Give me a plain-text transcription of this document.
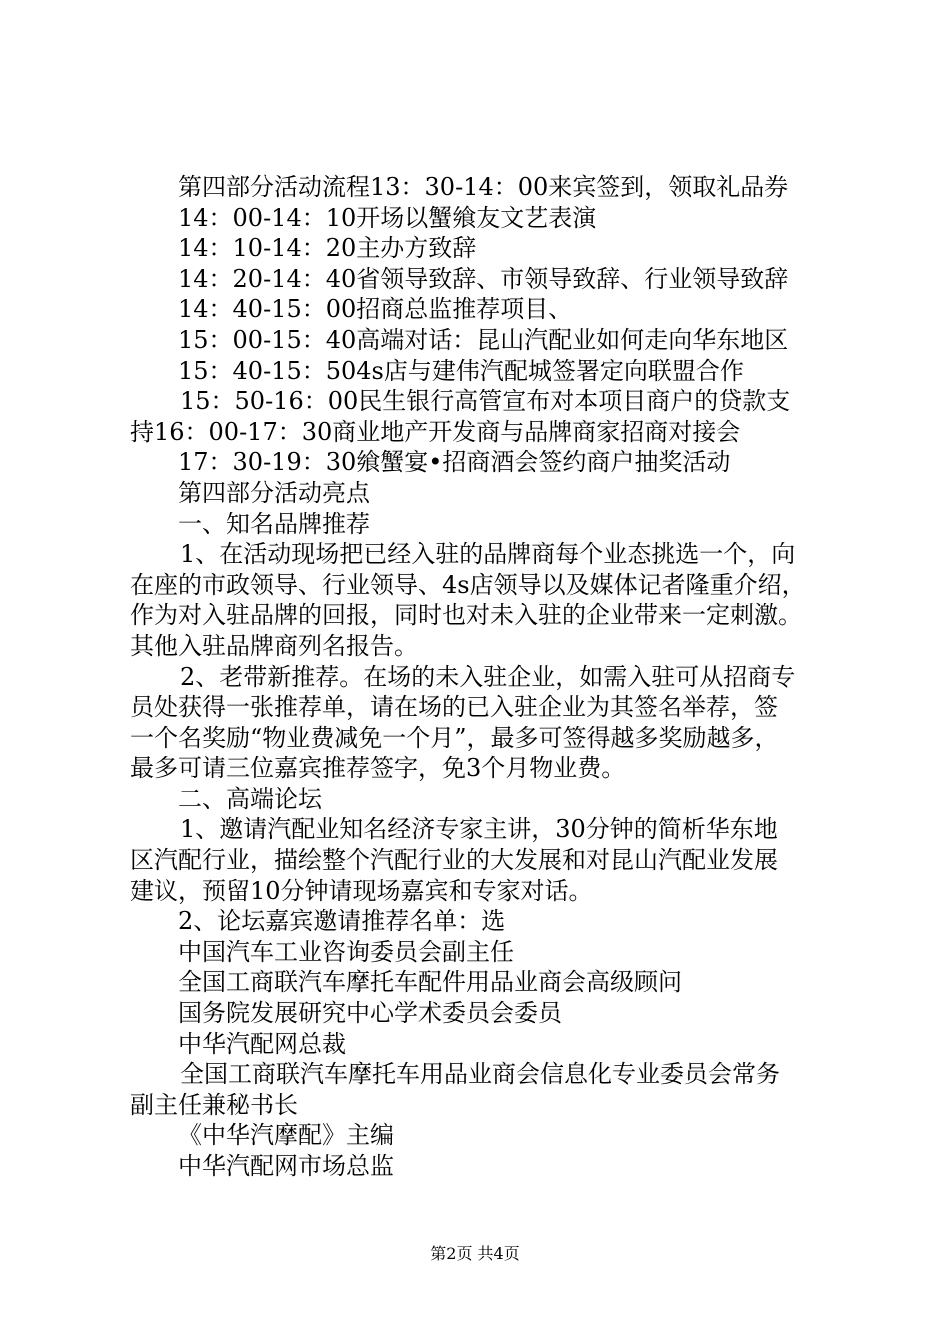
第四部分活动流程13：30-14：00来宾签到，领取礼品券
14：00-14：10开场以蟹飨友文艺表演
14：10-14：20主办方致辞
14：20-14：40省领导致辞、市领导致辞、行业领导致辞
14：40-15：00招商总监推荐项目、
15：00-15：40高端对话：昆山汽配业如何走向华东地区
15：40-15：504s店与建伟汽配城签署定向联盟合作
15：50-16：00民生银行高管宣布对本项目商户的贷款支
持16：00-17：30商业地产开发商与品牌商家招商对接会
17：30-19：30飨蟹宴•招商酒会签约商户抽奖活动
第四部分活动亮点
一、知名品牌推荐
1、在活动现场把已经入驻的品牌商每个业态挑选一个，向
在座的市政领导、行业领导、4s店领导以及媒体记者隆重介绍，
作为对入驻品牌的回报，同时也对未入驻的企业带来一定刺激。
其他入驻品牌商列名报告。
2、老带新推荐。在场的未入驻企业，如需入驻可从招商专
员处获得一张推荐单，请在场的已入驻企业为其签名举荐，签
一个名奖励“物业费减免一个月”，最多可签得越多奖励越多，
最多可请三位嘉宾推荐签字，免3个月物业费。
二、高端论坛
1、邀请汽配业知名经济专家主讲，30分钟的简析华东地
区汽配行业，描绘整个汽配行业的大发展和对昆山汽配业发展
建议，预留10分钟请现场嘉宾和专家对话。
2、论坛嘉宾邀请推荐名单：选
中国汽车工业咨询委员会副主任
全国工商联汽车摩托车配件用品业商会高级顾问
国务院发展研究中心学术委员会委员
中华汽配网总裁
全国工商联汽车摩托车用品业商会信息化专业委员会常务
副主任兼秘书长
《中华汽摩配》主编
中华汽配网市场总监
第2页 共4页
